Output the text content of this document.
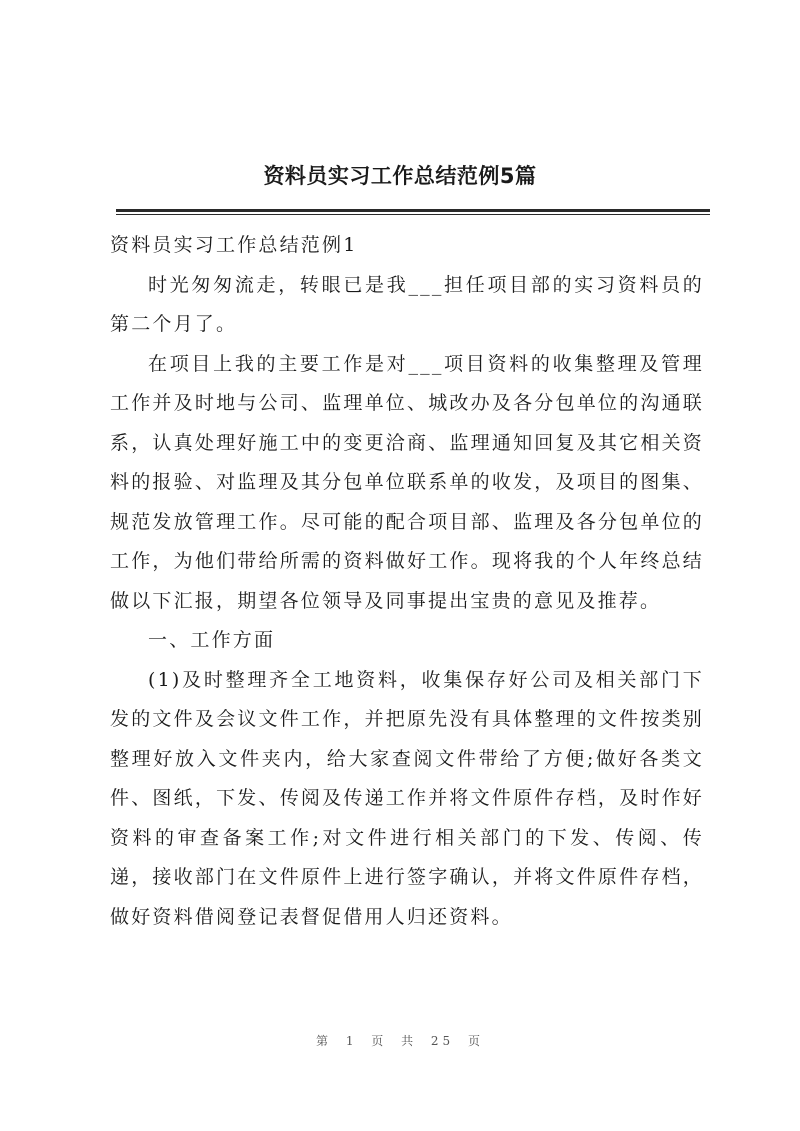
资料员实习工作总结范例5篇

资料员实习工作总结范例1

时光匆匆流走，转眼已是我___担任项目部的实习资料员的第二个月了。

在项目上我的主要工作是对___项目资料的收集整理及管理工作并及时地与公司、监理单位、城改办及各分包单位的沟通联系，认真处理好施工中的变更洽商、监理通知回复及其它相关资料的报验、对监理及其分包单位联系单的收发，及项目的图集、规范发放管理工作。尽可能的配合项目部、监理及各分包单位的工作，为他们带给所需的资料做好工作。现将我的个人年终总结做以下汇报，期望各位领导及同事提出宝贵的意见及推荐。

一、工作方面

(1)及时整理齐全工地资料，收集保存好公司及相关部门下发的文件及会议文件工作，并把原先没有具体整理的文件按类别整理好放入文件夹内，给大家查阅文件带给了方便;做好各类文件、图纸，下发、传阅及传递工作并将文件原件存档，及时作好资料的审查备案工作;对文件进行相关部门的下发、传阅、传递，接收部门在文件原件上进行签字确认，并将文件原件存档，做好资料借阅登记表督促借用人归还资料。

第 1 页 共 25 页
